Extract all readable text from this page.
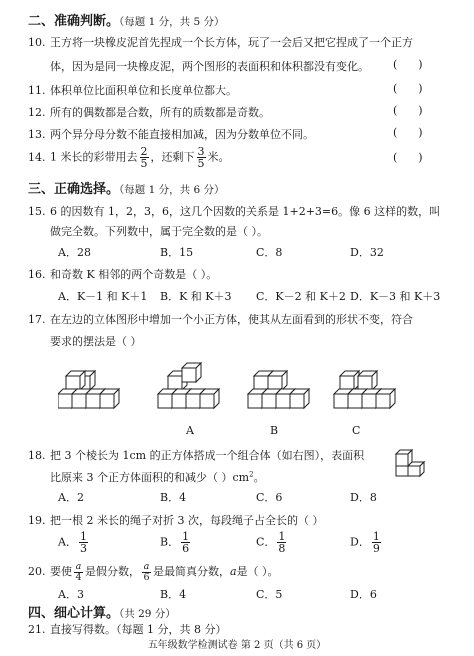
二、准确判断。（每题 1 分，共 5 分）
10. 王方将一块橡皮泥首先捏成一个长方体，玩了一会后又把它捏成了一个正方
体，因为是同一块橡皮泥，两个图形的表面积和体积都没有变化。 (      )
11. 体积单位比面积单位和长度单位都大。	(      )
12. 所有的偶数都是合数，所有的质数都是奇数。	(      )
13. 两个异分母分数不能直接相加减，因为分数单位不同。	(      )
14. 1 米长的彩带用去 $\frac{2}{5}$ ，还剩下 $\frac{3}{5}$ 米。	(      )
三、正确选择。（每题 1 分，共 6 分）
15. 6 的因数有 1，2，3，6，这几个因数的关系是 1+2+3=6。像 6 这样的数，叫
做完全数。下列数中，属于完全数的是（ ）。
A．28	B．15	C．8	D．32
16. 和奇数 K 相邻的两个奇数是（ ）。
A．K－1 和 K＋1 B．K 和 K＋3 C．K－2 和 K＋2 D．K－3 和 K＋3
17. 在左边的立体图形中增加一个小正方体，使其从左面看到的形状不变，符合
要求的摆法是（ ）
A	B	C
18. 把 3 个棱长为 1cm 的正方体搭成一个组合体（如右图），表面积
比原来 3 个正方体面积的和减少（ ）$cm^2$。
A．2	B．4	C．6	D．8
19. 把一根 2 米长的绳子对折 3 次，每段绳子占全长的（ ）
A． $\frac{1}{3}$	B． $\frac{1}{6}$	C． $\frac{1}{8}$	D． $\frac{1}{9}$
20. 要使 $\frac{a}{4}$ 是假分数， $\frac{a}{6}$ 是最简真分数，a是（ ）。
A．3	B．4	C．5	D．6
四、细心计算。（共 29 分）
21. 直接写得数。（每题 1 分，共 8 分）
五年级数学检测试卷 第 2 页（共 6 页）
